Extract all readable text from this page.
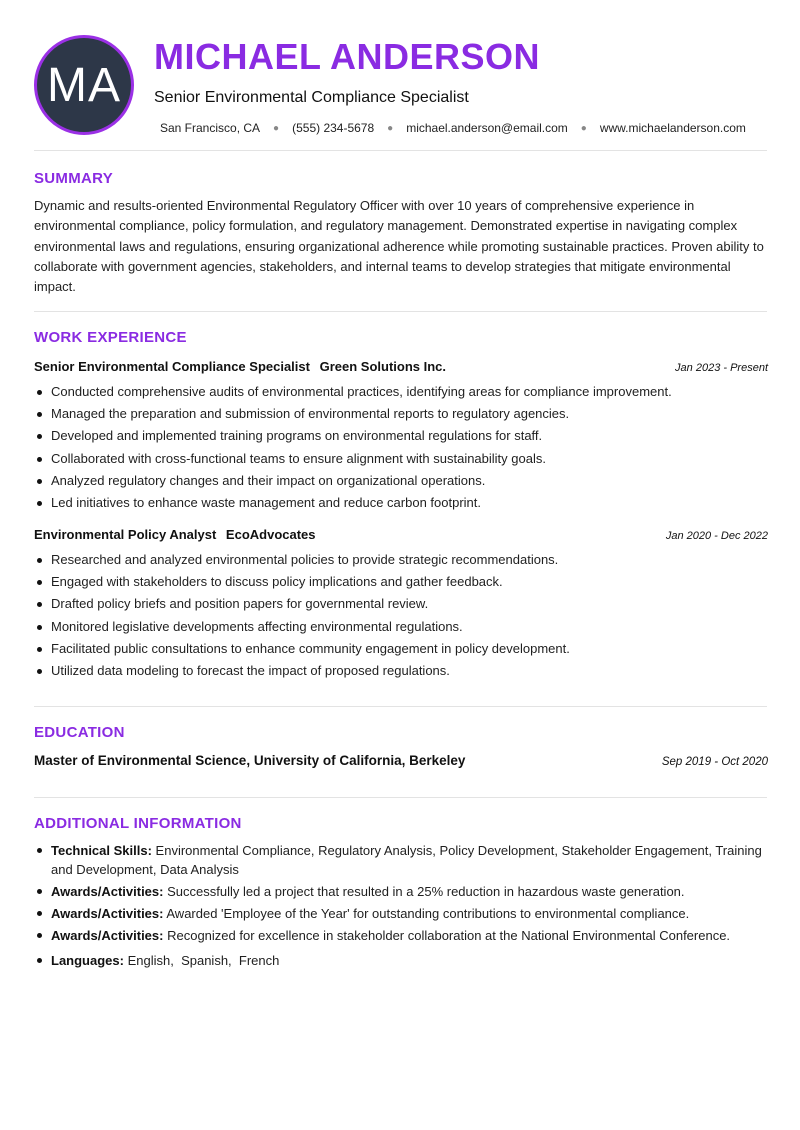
MA
MICHAEL ANDERSON
Senior Environmental Compliance Specialist
San Francisco, CA ● (555) 234-5678 ● michael.anderson@email.com ● www.michaelanderson.com
SUMMARY

Dynamic and results-oriented Environmental Regulatory Officer with over 10 years of comprehensive experience in environmental compliance, policy formulation, and regulatory management. Demonstrated expertise in navigating complex environmental laws and regulations, ensuring organizational adherence while promoting sustainable practices. Proven ability to collaborate with government agencies, stakeholders, and internal teams to develop strategies that mitigate environmental impact.

WORK EXPERIENCE
Senior Environmental Compliance Specialist Green Solutions Inc.	Jan 2023 - Present
Conducted comprehensive audits of environmental practices, identifying areas for compliance improvement.
Managed the preparation and submission of environmental reports to regulatory agencies.
Developed and implemented training programs on environmental regulations for staff.
Collaborated with cross-functional teams to ensure alignment with sustainability goals.
Analyzed regulatory changes and their impact on organizational operations.
Led initiatives to enhance waste management and reduce carbon footprint.
Environmental Policy Analyst EcoAdvocates	Jan 2020 - Dec 2022
Researched and analyzed environmental policies to provide strategic recommendations.
Engaged with stakeholders to discuss policy implications and gather feedback.
Drafted policy briefs and position papers for governmental review.
Monitored legislative developments affecting environmental regulations.
Facilitated public consultations to enhance community engagement in policy development.
Utilized data modeling to forecast the impact of proposed regulations.
EDUCATION
Master of Environmental Science, University of California, Berkeley	Sep 2019 - Oct 2020
ADDITIONAL INFORMATION
Technical Skills: Environmental Compliance, Regulatory Analysis, Policy Development, Stakeholder Engagement, Training and Development, Data Analysis
Awards/Activities: Successfully led a project that resulted in a 25% reduction in hazardous waste generation.
Awards/Activities: Awarded 'Employee of the Year' for outstanding contributions to environmental compliance.
Awards/Activities: Recognized for excellence in stakeholder collaboration at the National Environmental Conference.
Languages: English,  Spanish,  French
